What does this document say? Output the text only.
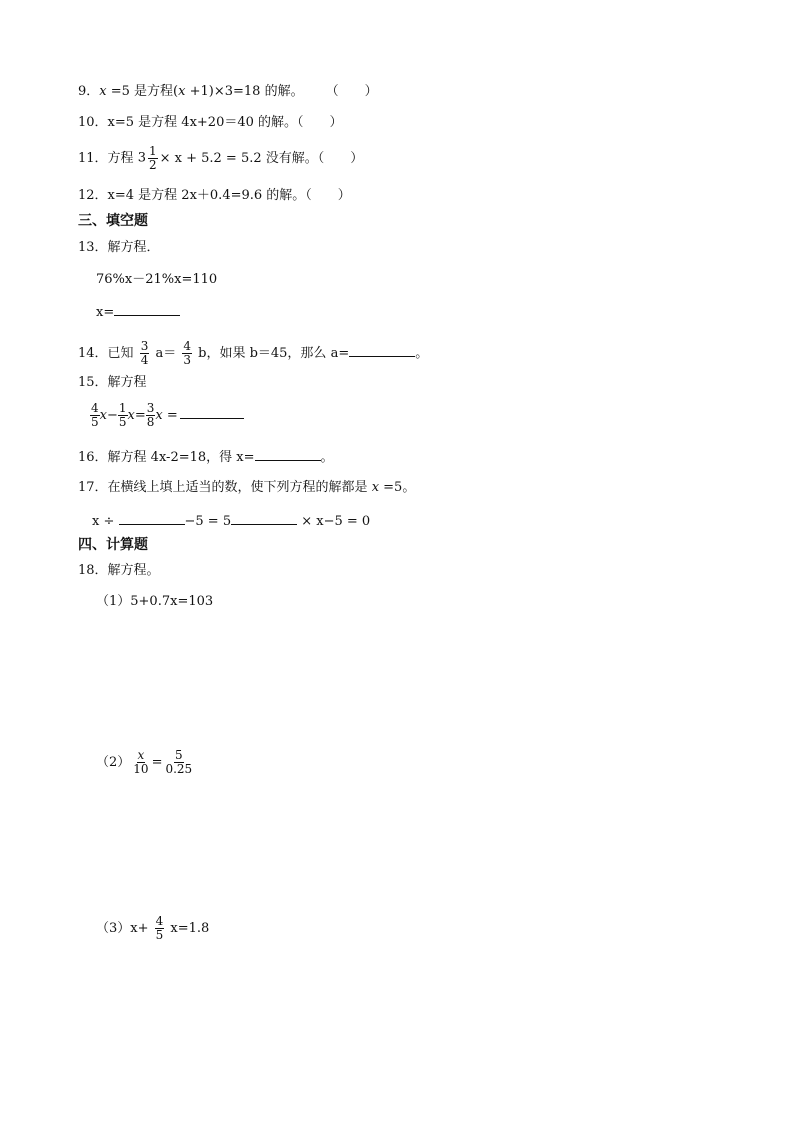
9．x =5 是方程(x +1)×3=18 的解。 （　　）
10．x=5 是方程 4x+20＝40 的解。（　　）
11．方程 $3 \frac{1}{2} \times x + 5.2 = 5.2$ 没有解。（　　）
12．x=4 是方程 2x＋0.4=9.6 的解。（　　）
三、填空题
13．解方程．
76%x－21%x=110
x=
14．已知 $\frac{3}{4} a= \frac{4}{3}$ b，如果 b＝45，那么 a=	。
15．解方程
$\frac{4}{5} x- \frac{1}{5} x= \frac{3}{8}$ x =
16．解方程 4x-2=18，得 x=	。
17．在横线上填上适当的数，使下列方程的解都是 x =5。
x ÷	−5 = 5	× x−5 = 0
四、计算题
18．解方程。
（1）5+0.7x=103
$(2) \frac{x}{10} = \frac{5}{0.25}$
$(3)x+ \frac{4}{5} x=1.8$
